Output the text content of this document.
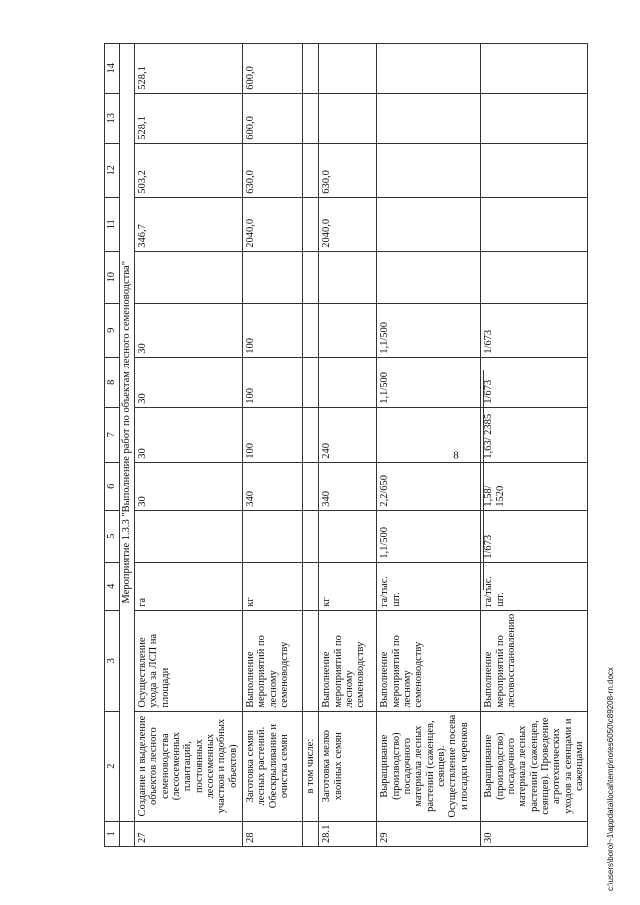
8
1	2	3	4	5	6	7	8	9	10	11	12	13	14
	Мероприятие 1.3.3 "Выполнение работ по объектам лесного семеноводства"												
27	Создание и выделение объектов лесного семеноводства (лесосеменных плантаций, постоянных лесосеменных участков и подобных объектов)	Осуществление ухода за ЛСП на площади	га		30	30	30	30		346,7	503,2	528,1	528,1
28	Заготовка семян лесных растений. Обескрыливание и очистка семян	Выполнение мероприятий по лесному семеноводству	кг		340	100	100	100		2040,0	630,0	600,0	600,0
	в том числе:												
28.1	Заготовка мелко хвойных семян	Выполнение мероприятий по лесному семеноводству	кг		340	240				2040,0	630,0		
29	Выращивание (производство) посадочного материала лесных растений (саженцев, сеянцев). Осуществление посева и посадки черенков	Выполнение мероприятий по лесному семеноводству	га/тыс. шт.	1,1/500	2,2/650		1,1/500	1,1/500					
30	Выращивание (производство) посадочного материала лесных растений (саженцев, сеянцев). Проведение агротехнических уходов за сеянцами и саженцами	Выполнение мероприятий по лесовосстановлению	га/тыс. шт.	1/673	1,58/ 1520	1,63/ 2385	1/673	1/673					
c:\users\borol~1\appdata\local\temp\notes6050\c89208-rn.docx
